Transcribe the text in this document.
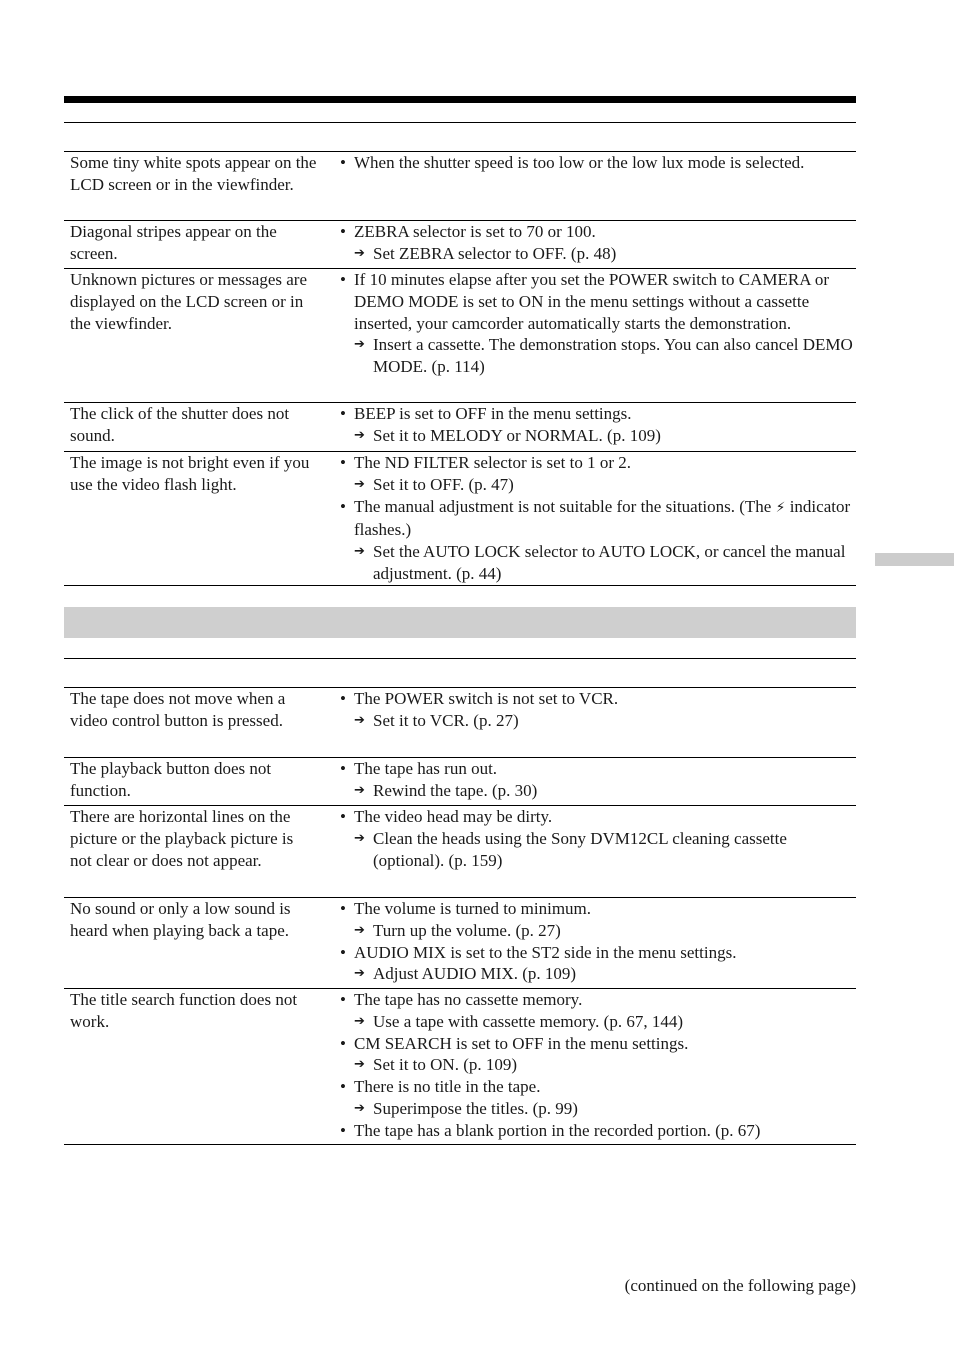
Some tiny white spots appear on the LCD screen or in the viewfinder.
• When the shutter speed is too low or the low lux mode is selected.
Diagonal stripes appear on the screen.
• ZEBRA selector is set to 70 or 100.
➔ Set ZEBRA selector to OFF. (p. 48)
Unknown pictures or messages are displayed on the LCD screen or in the viewfinder.
• If 10 minutes elapse after you set the POWER switch to CAMERA or DEMO MODE is set to ON in the menu settings without a cassette inserted, your camcorder automatically starts the demonstration.
➔ Insert a cassette. The demonstration stops. You can also cancel DEMO MODE. (p. 114)
The click of the shutter does not sound.
• BEEP is set to OFF in the menu settings.
➔ Set it to MELODY or NORMAL. (p. 109)
The image is not bright even if you use the video flash light.
• The ND FILTER selector is set to 1 or 2.
➔ Set it to OFF. (p. 47)
• The manual adjustment is not suitable for the situations. (The ⚡ indicator flashes.)
➔ Set the AUTO LOCK selector to AUTO LOCK, or cancel the manual adjustment. (p. 44)
The tape does not move when a video control button is pressed.
• The POWER switch is not set to VCR.
➔ Set it to VCR. (p. 27)
The playback button does not function.
• The tape has run out.
➔ Rewind the tape. (p. 30)
There are horizontal lines on the picture or the playback picture is not clear or does not appear.
• The video head may be dirty.
➔ Clean the heads using the Sony DVM12CL cleaning cassette (optional). (p. 159)
No sound or only a low sound is heard when playing back a tape.
• The volume is turned to minimum.
➔ Turn up the volume. (p. 27)
• AUDIO MIX is set to the ST2 side in the menu settings.
➔ Adjust AUDIO MIX. (p. 109)
The title search function does not work.
• The tape has no cassette memory.
➔ Use a tape with cassette memory. (p. 67, 144)
• CM SEARCH is set to OFF in the menu settings.
➔ Set it to ON. (p. 109)
• There is no title in the tape.
➔ Superimpose the titles. (p. 99)
• The tape has a blank portion in the recorded portion. (p. 67)
(continued on the following page)
